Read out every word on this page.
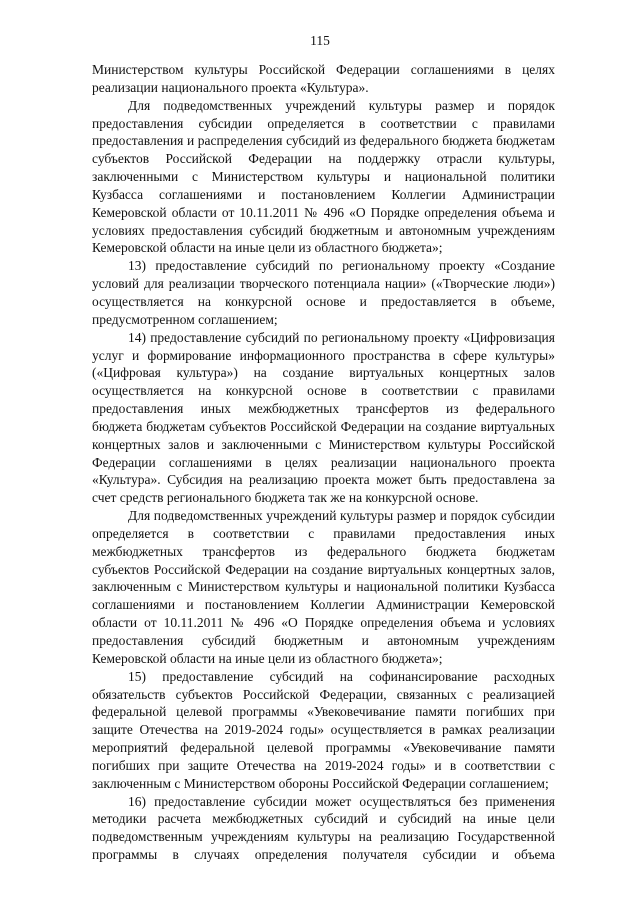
115
Министерством культуры Российской Федерации соглашениями в целях
реализации национального проекта «Культура».
Для подведомственных учреждений культуры размер и порядок
предоставления субсидии определяется в соответствии с правилами
предоставления и распределения субсидий из федерального бюджета бюджетам
субъектов Российской Федерации на поддержку отрасли культуры,
заключенными с Министерством культуры и национальной политики
Кузбасса соглашениями и постановлением Коллегии Администрации
Кемеровской области от 10.11.2011 № 496 «О Порядке определения объема и
условиях предоставления субсидий бюджетным и автономным учреждениям
Кемеровской области на иные цели из областного бюджета»;
13) предоставление субсидий по региональному проекту «Создание
условий для реализации творческого потенциала нации» («Творческие люди»)
осуществляется на конкурсной основе и предоставляется в объеме,
предусмотренном соглашением;
14) предоставление субсидий по региональному проекту «Цифровизация
услуг и формирование информационного пространства в сфере культуры»
(«Цифровая культура») на создание виртуальных концертных залов
осуществляется на конкурсной основе в соответствии с правилами
предоставления иных межбюджетных трансфертов из федерального
бюджета бюджетам субъектов Российской Федерации на создание виртуальных
концертных залов и заключенными с Министерством культуры Российской
Федерации соглашениями в целях реализации национального проекта
«Культура». Субсидия на реализацию проекта может быть предоставлена за
счет средств регионального бюджета так же на конкурсной основе.
Для подведомственных учреждений культуры размер и порядок субсидии
определяется в соответствии с правилами предоставления иных
межбюджетных трансфертов из федерального бюджета бюджетам
субъектов Российской Федерации на создание виртуальных концертных залов,
заключенным с Министерством культуры и национальной политики Кузбасса
соглашениями и постановлением Коллегии Администрации Кемеровской
области от 10.11.2011 № 496 «О Порядке определения объема и условиях
предоставления субсидий бюджетным и автономным учреждениям
Кемеровской области на иные цели из областного бюджета»;
15) предоставление субсидий на софинансирование расходных
обязательств субъектов Российской Федерации, связанных с реализацией
федеральной целевой программы «Увековечивание памяти погибших при
защите Отечества на 2019-2024 годы» осуществляется в рамках реализации
мероприятий федеральной целевой программы «Увековечивание памяти
погибших при защите Отечества на 2019-2024 годы» и в соответствии с
заключенным с Министерством обороны Российской Федерации соглашением;
16) предоставление субсидии может осуществляться без применения
методики расчета межбюджетных субсидий и субсидий на иные цели
подведомственным учреждениям культуры на реализацию Государственной
программы в случаях определения получателя субсидии и объема
